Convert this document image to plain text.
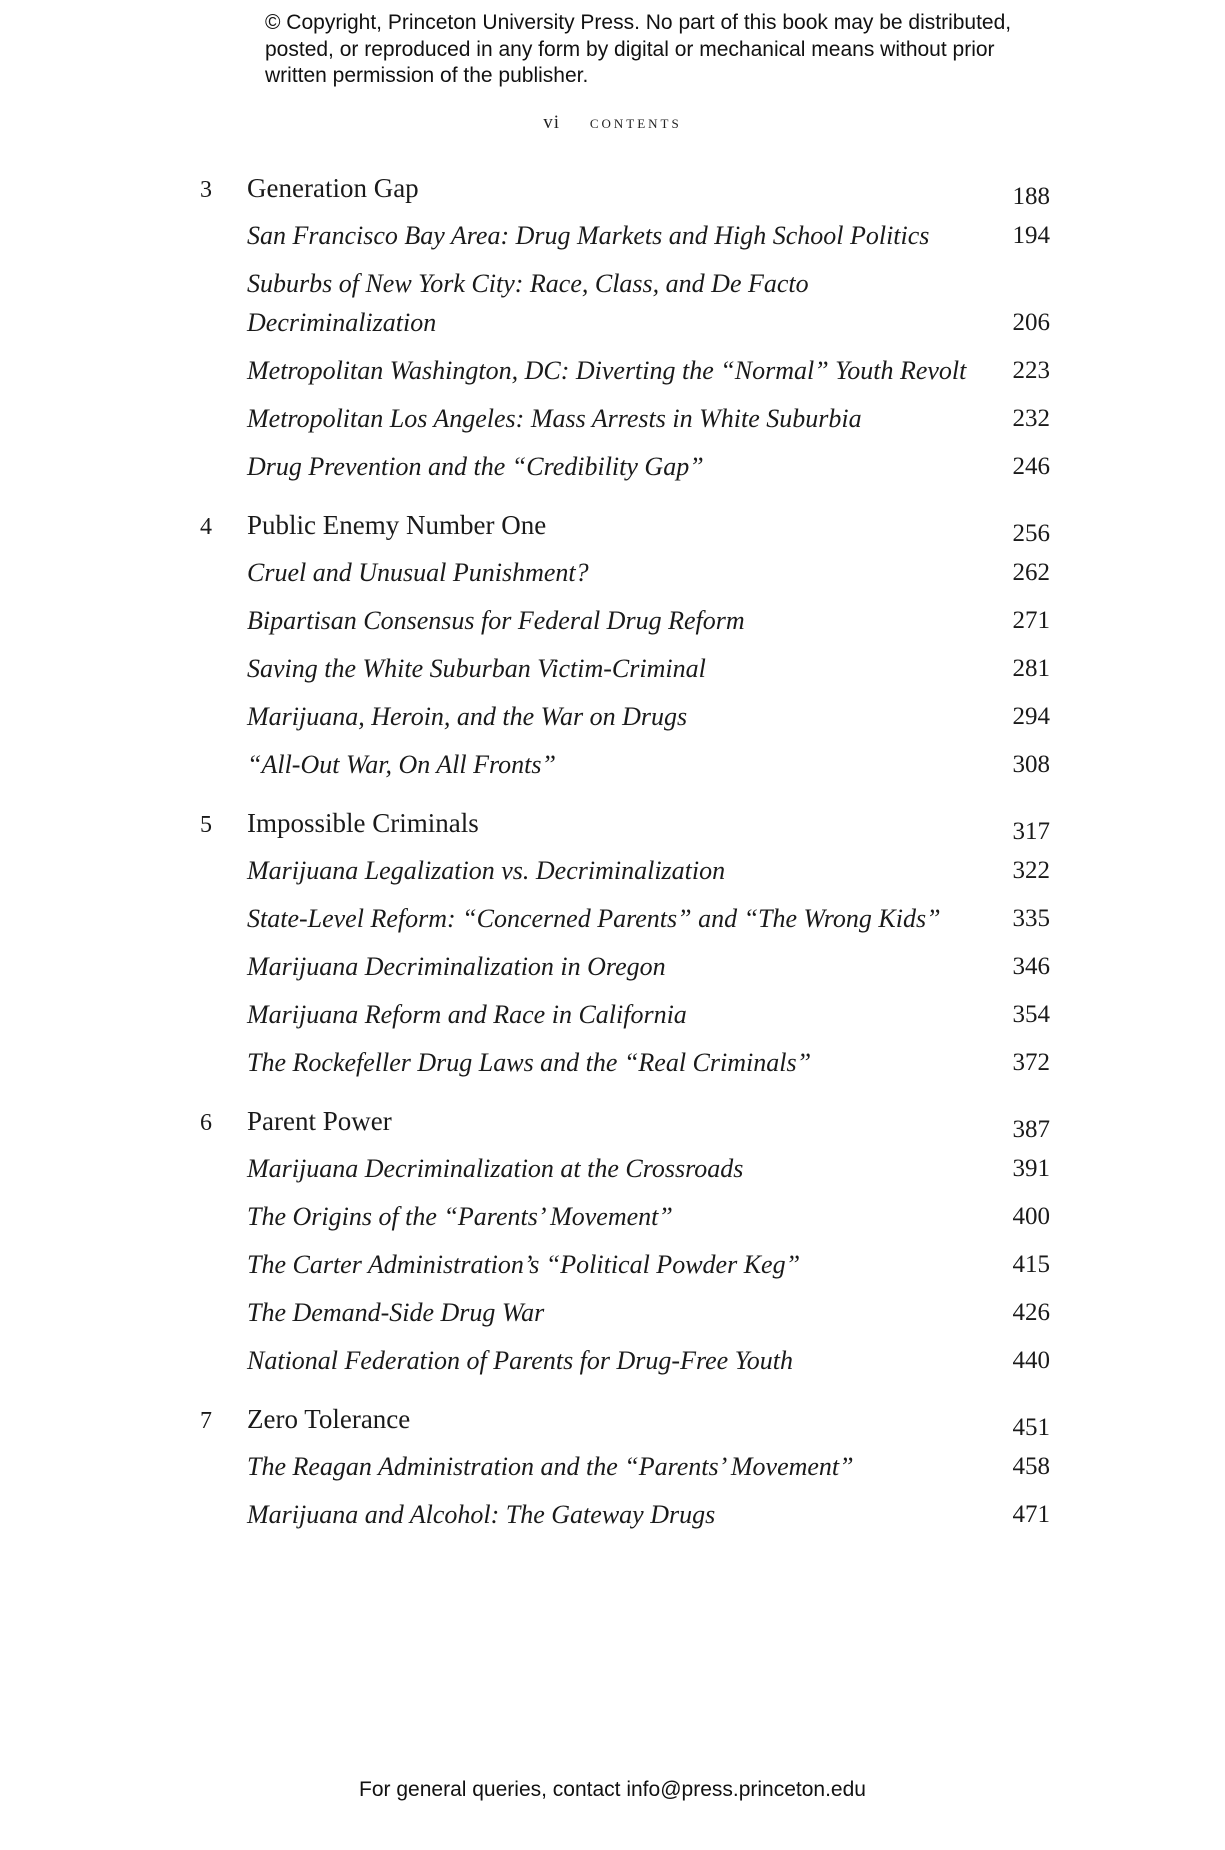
© Copyright, Princeton University Press. No part of this book may be distributed, posted, or reproduced in any form by digital or mechanical means without prior written permission of the publisher.
vi contents
3	Generation Gap	188
San Francisco Bay Area: Drug Markets and High School Politics	194
Suburbs of New York City: Race, Class, and De Facto Decriminalization	206
Metropolitan Washington, DC: Diverting the “Normal” Youth Revolt 223
Metropolitan Los Angeles: Mass Arrests in White Suburbia	232
Drug Prevention and the “Credibility Gap”	246
4	Public Enemy Number One	256
Cruel and Unusual Punishment?	262
Bipartisan Consensus for Federal Drug Reform	271
Saving the White Suburban Victim-Criminal	281
Marijuana, Heroin, and the War on Drugs	294
“All-Out War, On All Fronts”	308
5	Impossible Criminals	317
Marijuana Legalization vs. Decriminalization	322
State-Level Reform: “Concerned Parents” and “The Wrong Kids”	335
Marijuana Decriminalization in Oregon	346
Marijuana Reform and Race in California	354
The Rockefeller Drug Laws and the “Real Criminals”	372
6	Parent Power	387
Marijuana Decriminalization at the Crossroads	391
The Origins of the “Parents’ Movement”	400
The Carter Administration’s “Political Powder Keg”	415
The Demand-Side Drug War	426
National Federation of Parents for Drug-Free Youth	440
7	Zero Tolerance	451
The Reagan Administration and the “Parents’ Movement”	458
Marijuana and Alcohol: The Gateway Drugs	471
For general queries, contact info@press.princeton.edu
